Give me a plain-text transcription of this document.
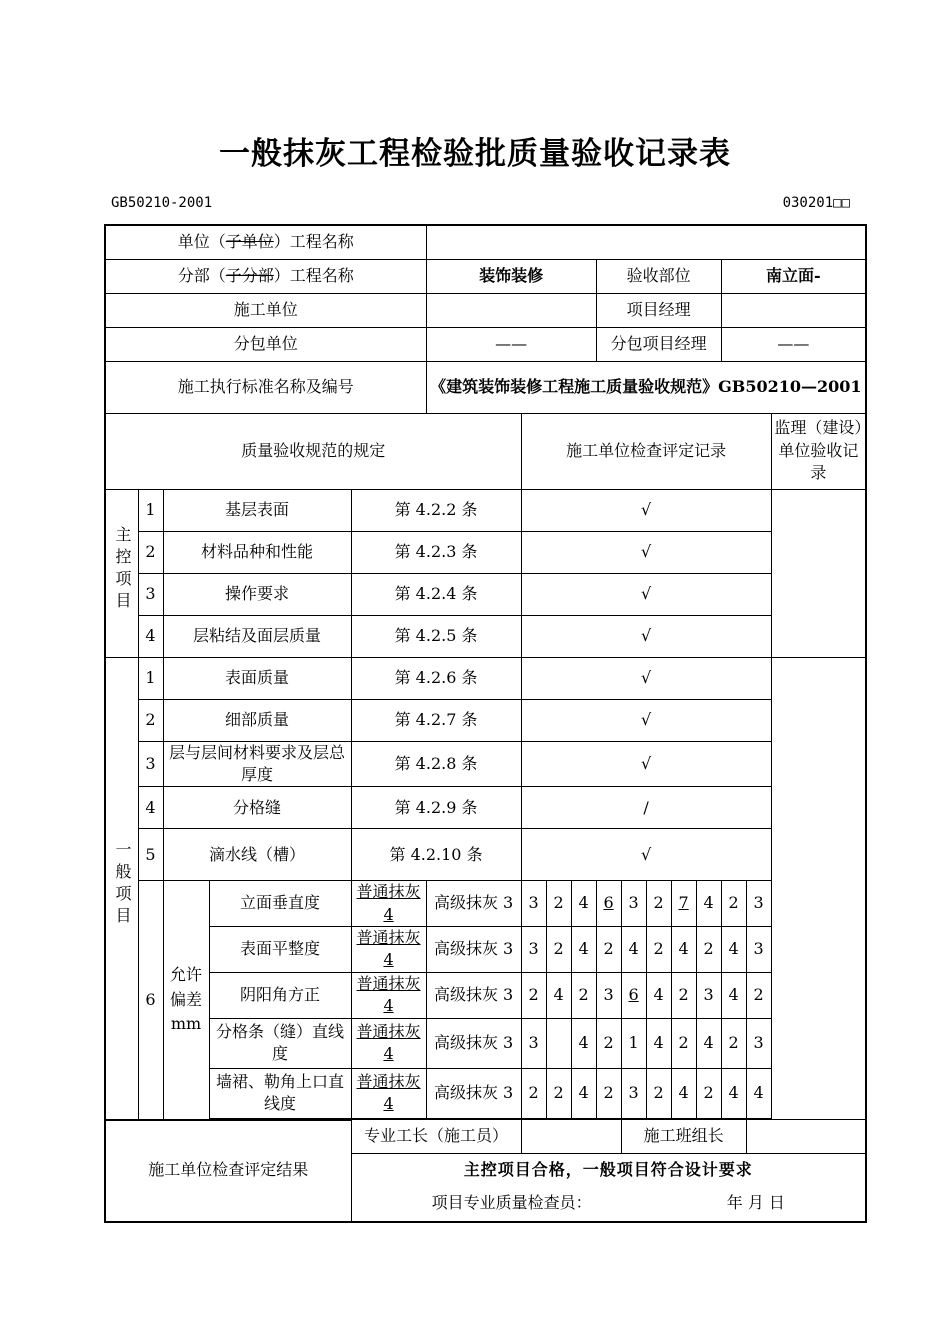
一般抹灰工程检验批质量验收记录表
GB50210-2001	030201□□
单位（子单位）工程名称																
分部（子分部）工程名称					装饰装修				验收部位					南立面-		
施工单位									项目经理							
分包单位					——				分包项目经理					——		
施工执行标准名称及编号					《建筑装饰装修工程施工质量验收规范》GB50210—2001											
质量验收规范的规定						施工单位检查评定记录										监理（建设）单位验收记录
主控项目	1	基层表面		第 4.2.2 条		√										
	2	材料品种和性能		第 4.2.3 条		√										
	3	操作要求		第 4.2.4 条		√										
	4	层粘结及面层质量		第 4.2.5 条		√										
一般项目	1	表面质量		第 4.2.6 条		√										
	2	细部质量		第 4.2.7 条		√										
	3	层与层间材料要求及层总厚度		第 4.2.8 条		√										
	4	分格缝		第 4.2.9 条		/										
	5	滴水线（槽）		第 4.2.10 条		√										
	6	允许偏差mm	立面垂直度	普通抹灰 4	高级抹灰 3	3	2	4	6	3	2	7	4	2	3	
			表面平整度	普通抹灰 4	高级抹灰 3	3	2	4	2	4	2	4	2	4	3	
			阴阳角方正	普通抹灰 4	高级抹灰 3	2	4	2	3	6	4	2	3	4	2	
			分格条（缝）直线度	普通抹灰 4	高级抹灰 3	3		4	2	1	4	2	4	2	3	
			墙裙、勒角上口直线度	普通抹灰 4	高级抹灰 3	2	2	4	2	3	2	4	2	4	4	

施工单位检查评定结果				专业工长（施工员）						施工班组长						
				主控项目合格，一般项目符合设计要求												
				项目专业质量检查员： 年 月 日												
